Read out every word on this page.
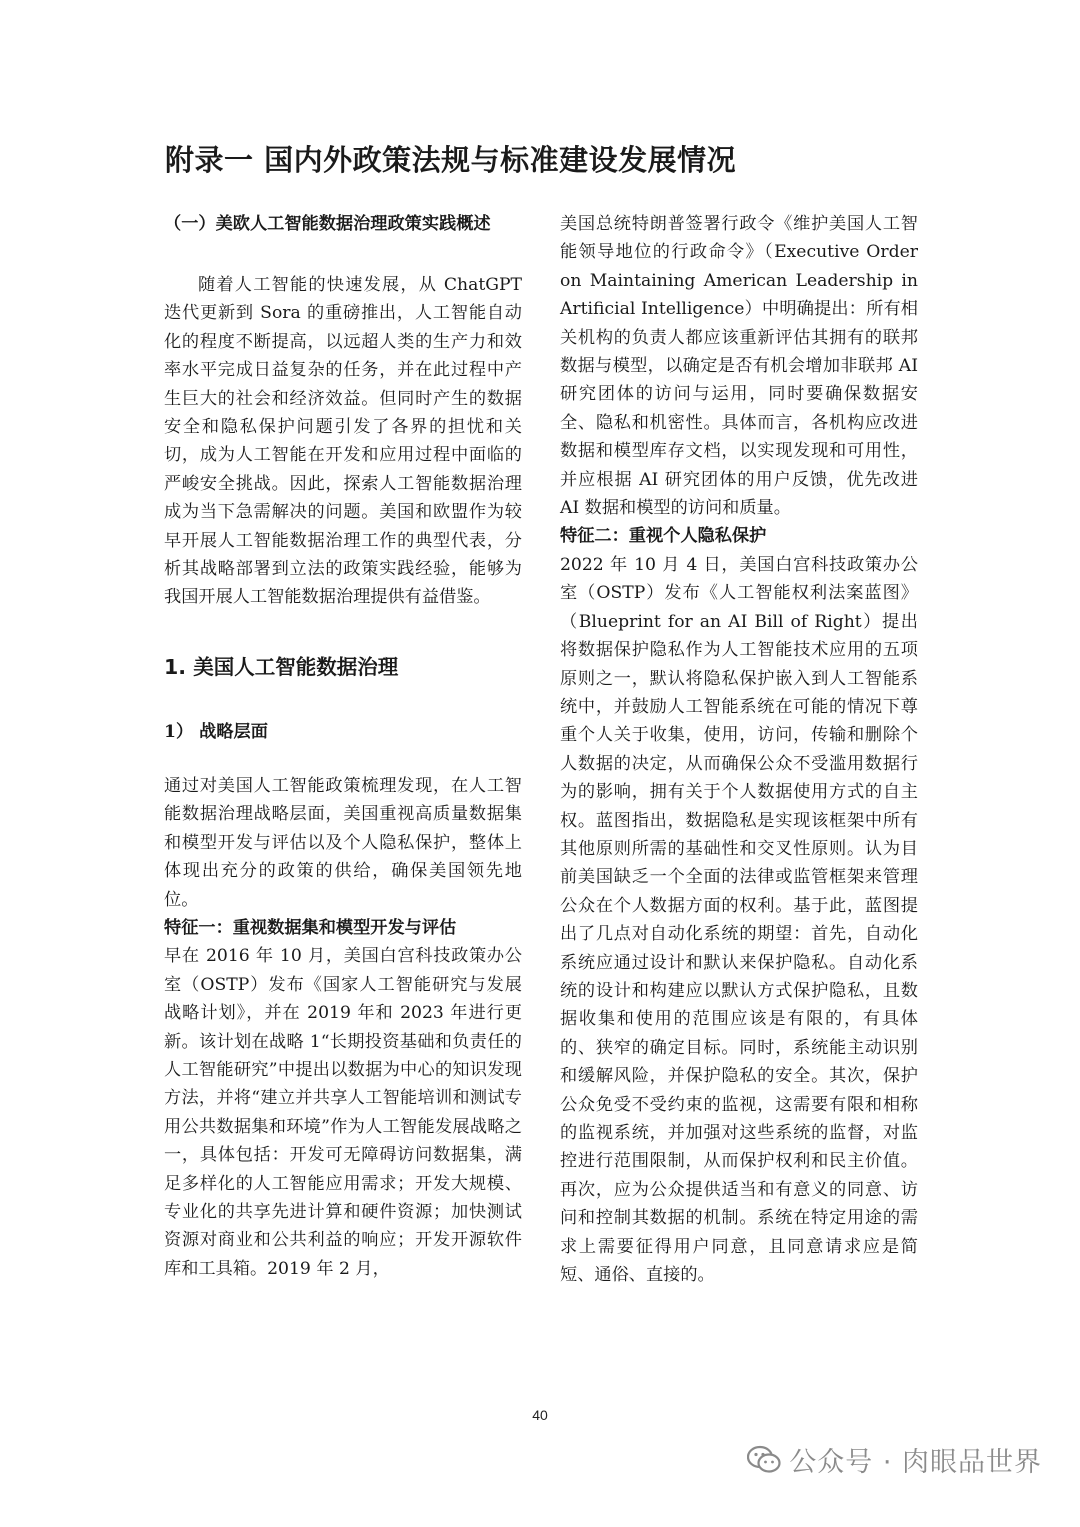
附录一 国内外政策法规与标准建设发展情况

（一）美欧人工智能数据治理政策实践概述

随着人工智能的快速发展，从 ChatGPT 迭代更新到 Sora 的重磅推出，人工智能自动化的程度不断提高，以远超人类的生产力和效率水平完成日益复杂的任务，并在此过程中产生巨大的社会和经济效益。但同时产生的数据安全和隐私保护问题引发了各界的担忧和关切，成为人工智能在开发和应用过程中面临的严峻安全挑战。因此，探索人工智能数据治理成为当下急需解决的问题。美国和欧盟作为较早开展人工智能数据治理工作的典型代表，分析其战略部署到立法的政策实践经验，能够为我国开展人工智能数据治理提供有益借鉴。

1. 美国人工智能数据治理

1） 战略层面

通过对美国人工智能政策梳理发现，在人工智能数据治理战略层面，美国重视高质量数据集和模型开发与评估以及个人隐私保护，整体上体现出充分的政策的供给，确保美国领先地位。

特征一：重视数据集和模型开发与评估

早在 2016 年 10 月，美国白宫科技政策办公室（OSTP）发布《国家人工智能研究与发展战略计划》，并在 2019 年和 2023 年进行更新。该计划在战略 1“长期投资基础和负责任的人工智能研究”中提出以数据为中心的知识发现方法，并将“建立并共享人工智能培训和测试专用公共数据集和环境”作为人工智能发展战略之一，具体包括：开发可无障碍访问数据集，满足多样化的人工智能应用需求；开发大规模、专业化的共享先进计算和硬件资源；加快测试资源对商业和公共利益的响应；开发开源软件库和工具箱。2019 年 2 月，

美国总统特朗普签署行政令《维护美国人工智能领导地位的行政命令》（Executive Order on Maintaining American Leadership in Artificial Intelligence）中明确提出：所有相关机构的负责人都应该重新评估其拥有的联邦数据与模型，以确定是否有机会增加非联邦 AI 研究团体的访问与运用，同时要确保数据安全、隐私和机密性。具体而言，各机构应改进数据和模型库存文档，以实现发现和可用性，并应根据 AI 研究团体的用户反馈，优先改进 AI 数据和模型的访问和质量。

特征二：重视个人隐私保护

2022 年 10 月 4 日，美国白宫科技政策办公室（OSTP）发布《人工智能权利法案蓝图》（Blueprint for an AI Bill of Right）提出将数据保护隐私作为人工智能技术应用的五项原则之一，默认将隐私保护嵌入到人工智能系统中，并鼓励人工智能系统在可能的情况下尊重个人关于收集，使用，访问，传输和删除个人数据的决定，从而确保公众不受滥用数据行为的影响，拥有关于个人数据使用方式的自主权。蓝图指出，数据隐私是实现该框架中所有其他原则所需的基础性和交叉性原则。认为目前美国缺乏一个全面的法律或监管框架来管理公众在个人数据方面的权利。基于此，蓝图提出了几点对自动化系统的期望：首先，自动化系统应通过设计和默认来保护隐私。自动化系统的设计和构建应以默认方式保护隐私，且数据收集和使用的范围应该是有限的，有具体的、狭窄的确定目标。同时，系统能主动识别和缓解风险，并保护隐私的安全。其次，保护公众免受不受约束的监视，这需要有限和相称的监视系统，并加强对这些系统的监督，对监控进行范围限制，从而保护权利和民主价值。再次，应为公众提供适当和有意义的同意、访问和控制其数据的机制。系统在特定用途的需求上需要征得用户同意，且同意请求应是简短、通俗、直接的。

40
公众号 · 肉眼品世界
